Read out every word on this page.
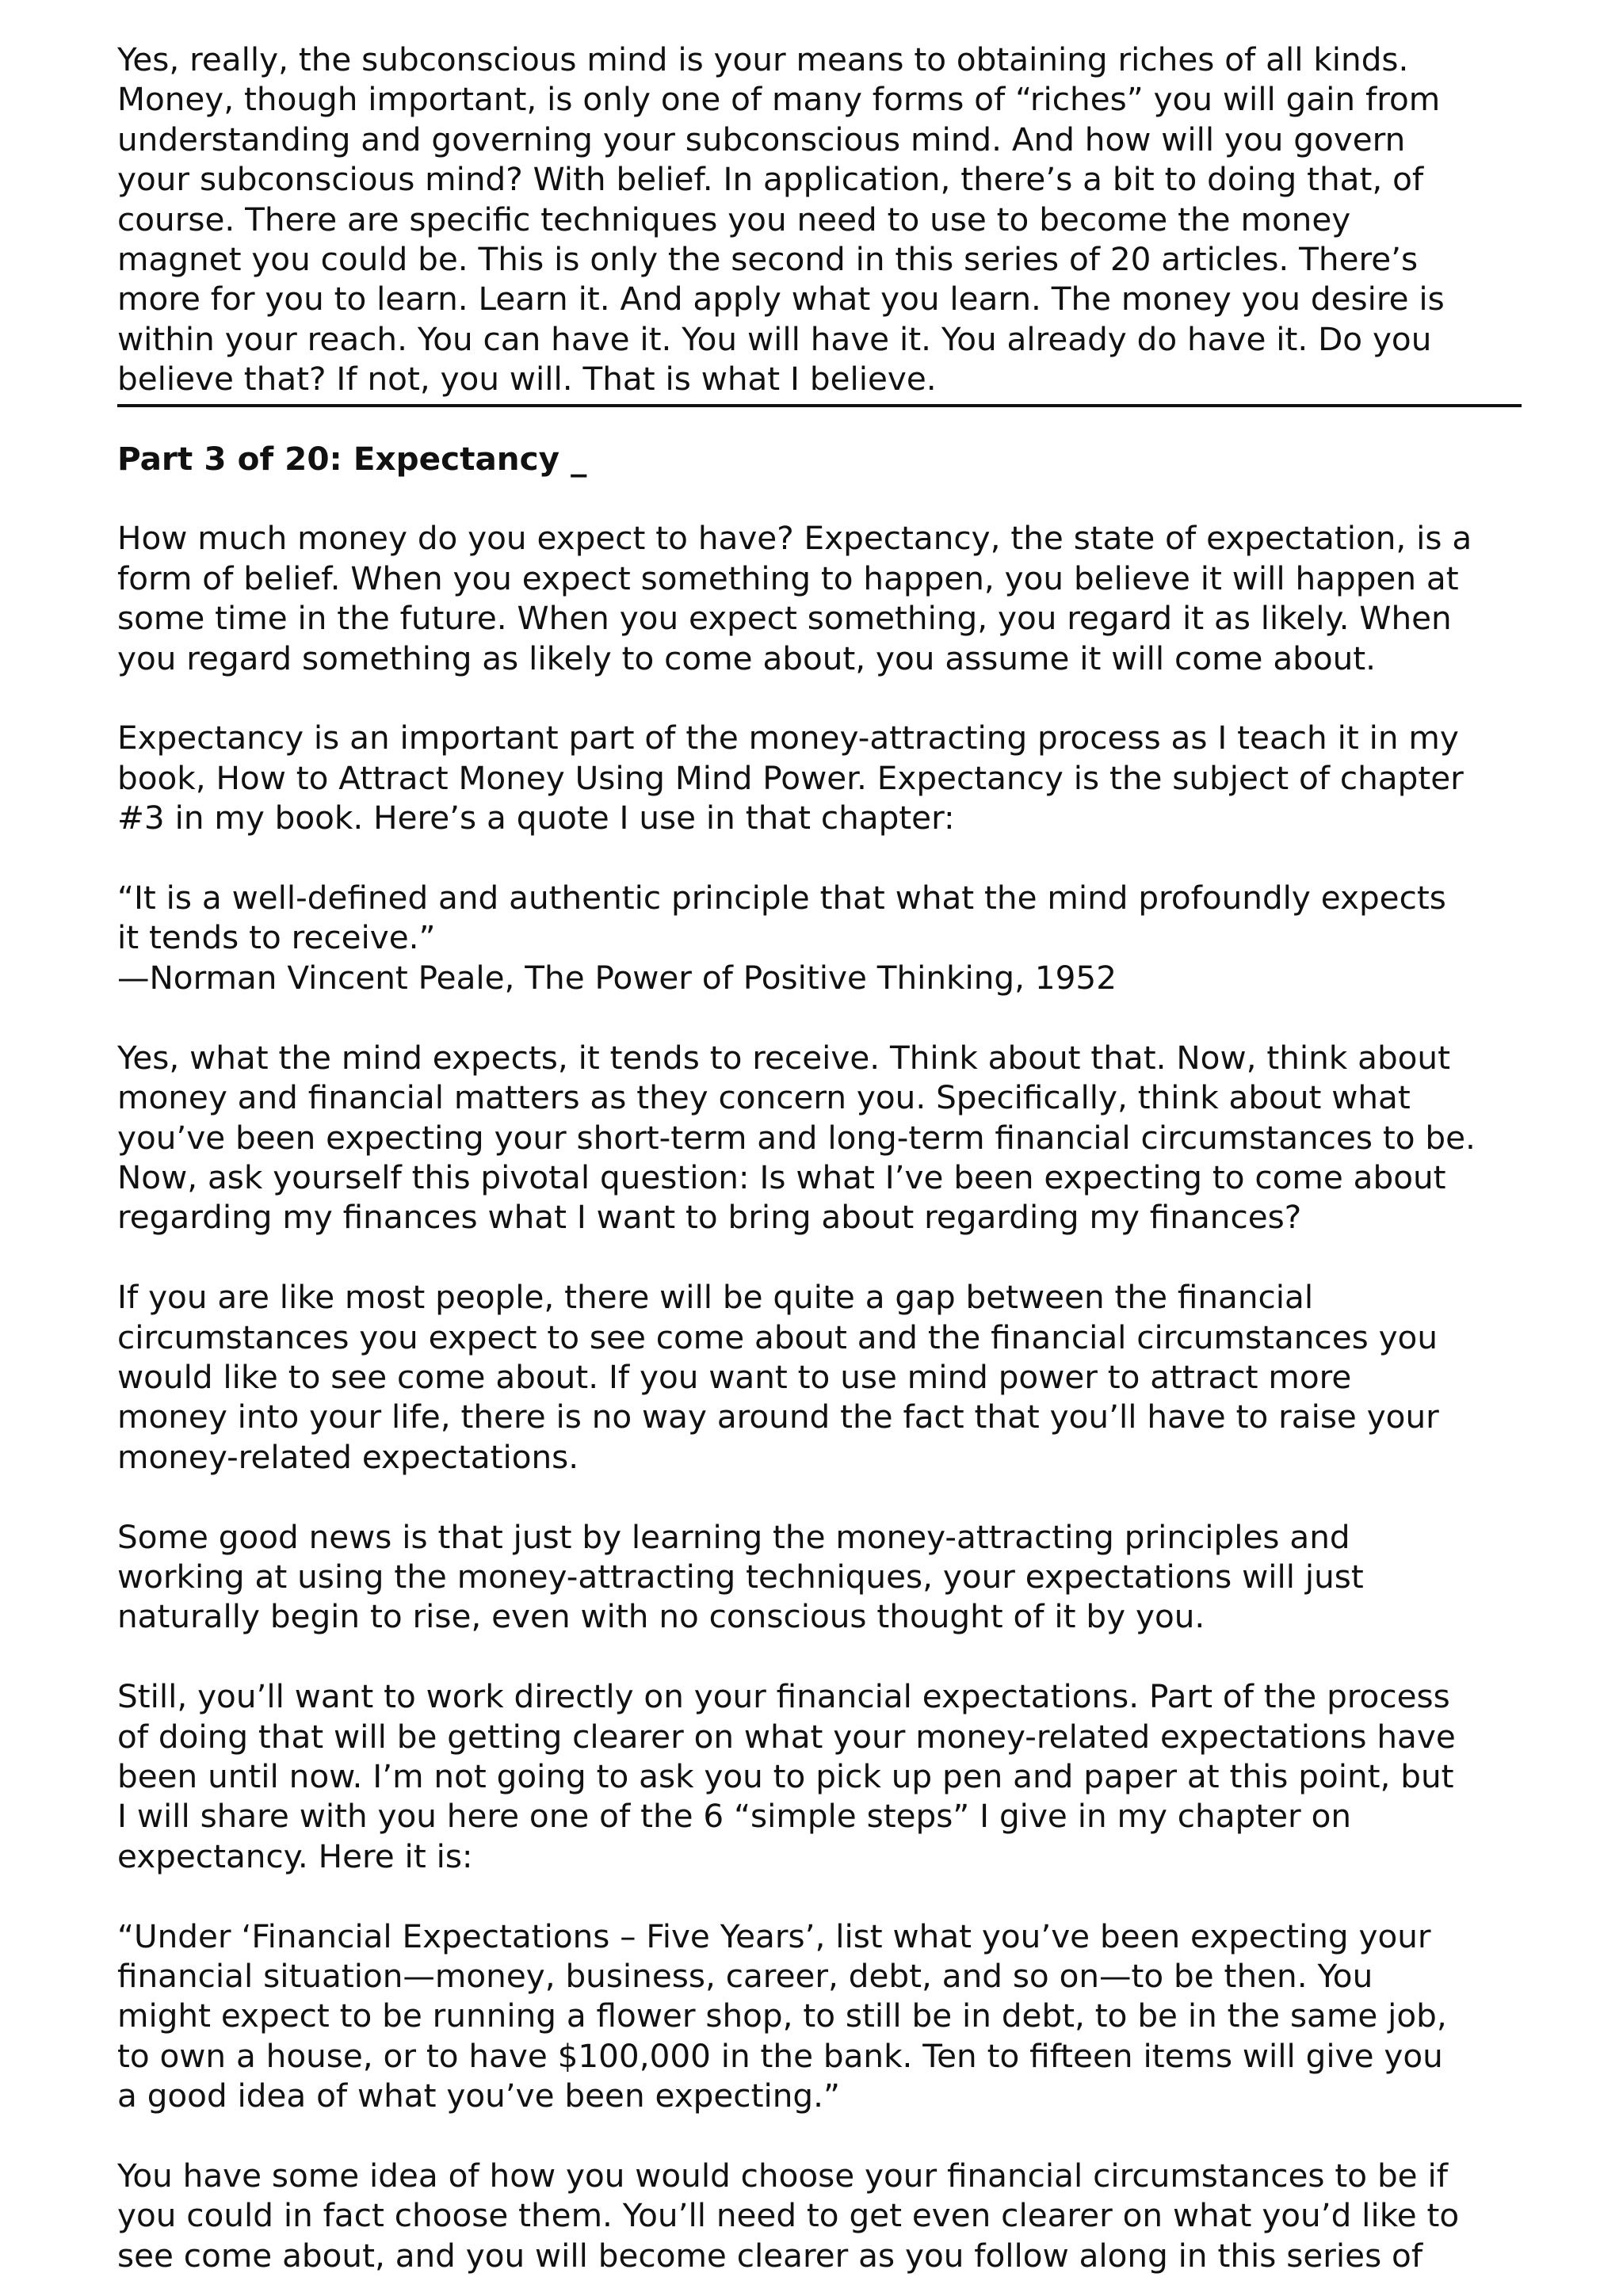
Yes, really, the subconscious mind is your means to obtaining riches of all kinds.
Money, though important, is only one of many forms of “riches” you will gain from
understanding and governing your subconscious mind. And how will you govern
your subconscious mind? With belief. In application, there’s a bit to doing that, of
course. There are specific techniques you need to use to become the money
magnet you could be. This is only the second in this series of 20 articles. There’s
more for you to learn. Learn it. And apply what you learn. The money you desire is
within your reach. You can have it. You will have it. You already do have it. Do you
believe that? If not, you will. That is what I believe.

Part 3 of 20: Expectancy _

How much money do you expect to have? Expectancy, the state of expectation, is a
form of belief. When you expect something to happen, you believe it will happen at
some time in the future. When you expect something, you regard it as likely. When
you regard something as likely to come about, you assume it will come about.

Expectancy is an important part of the money-attracting process as I teach it in my
book, How to Attract Money Using Mind Power. Expectancy is the subject of chapter
#3 in my book. Here’s a quote I use in that chapter:

“It is a well-defined and authentic principle that what the mind profoundly expects
it tends to receive.”
—Norman Vincent Peale, The Power of Positive Thinking, 1952

Yes, what the mind expects, it tends to receive. Think about that. Now, think about
money and financial matters as they concern you. Specifically, think about what
you’ve been expecting your short-term and long-term financial circumstances to be.
Now, ask yourself this pivotal question: Is what I’ve been expecting to come about
regarding my finances what I want to bring about regarding my finances?

If you are like most people, there will be quite a gap between the financial
circumstances you expect to see come about and the financial circumstances you
would like to see come about. If you want to use mind power to attract more
money into your life, there is no way around the fact that you’ll have to raise your
money-related expectations.

Some good news is that just by learning the money-attracting principles and
working at using the money-attracting techniques, your expectations will just
naturally begin to rise, even with no conscious thought of it by you.

Still, you’ll want to work directly on your financial expectations. Part of the process
of doing that will be getting clearer on what your money-related expectations have
been until now. I’m not going to ask you to pick up pen and paper at this point, but
I will share with you here one of the 6 “simple steps” I give in my chapter on
expectancy. Here it is:

“Under ‘Financial Expectations – Five Years’, list what you’ve been expecting your
financial situation—money, business, career, debt, and so on—to be then. You
might expect to be running a flower shop, to still be in debt, to be in the same job,
to own a house, or to have $100,000 in the bank. Ten to fifteen items will give you
a good idea of what you’ve been expecting.”

You have some idea of how you would choose your financial circumstances to be if
you could in fact choose them. You’ll need to get even clearer on what you’d like to
see come about, and you will become clearer as you follow along in this series of
